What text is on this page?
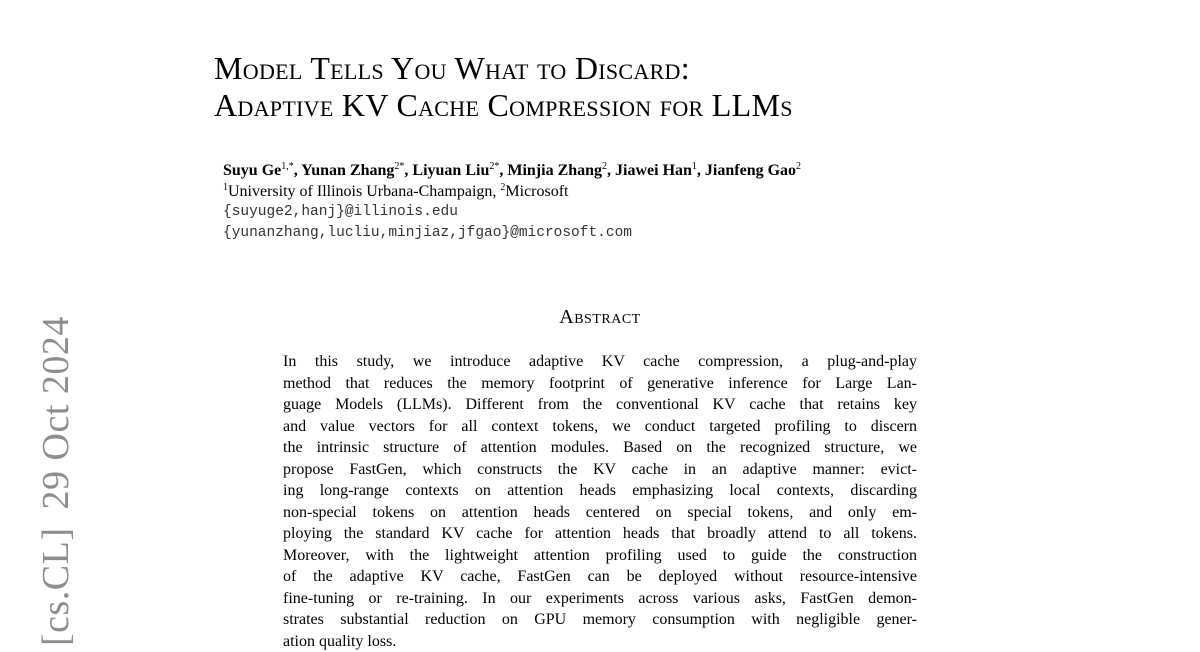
[cs.CL]29 Oct 2024
Model Tells You What to Discard:
Adaptive KV Cache Compression for LLMs
Suyu $Ge^{1,*}$, Yunan Zhang$^{2*}$, Liyuan Liu$^{2*}$, Minjia Zhang$^2$, Jiawei Han$^1$, Jianfeng Gao$^2$
$^1$University of Illinois Urbana-Champaign, $^2$Microsoft
{suyuge2,hanj}@illinois.edu
{yunanzhang,lucliu,minjiaz,jfgao}@microsoft.com
Abstract
In this study, we introduce adaptive KV cache compression, a plug-and-play
method that reduces the memory footprint of generative inference for Large Lan-
guage Models (LLMs). Different from the conventional KV cache that retains key
and value vectors for all context tokens, we conduct targeted profiling to discern
the intrinsic structure of attention modules. Based on the recognized structure, we
propose FastGen, which constructs the KV cache in an adaptive manner: evict-
ing long-range contexts on attention heads emphasizing local contexts, discarding
non-special tokens on attention heads centered on special tokens, and only em-
ploying the standard KV cache for attention heads that broadly attend to all tokens.
Moreover, with the lightweight attention profiling used to guide the construction
of the adaptive KV cache, FastGen can be deployed without resource-intensive
fine-tuning or re-training. In our experiments across various asks, FastGen demon-
strates substantial reduction on GPU memory consumption with negligible gener-
ation quality loss.
